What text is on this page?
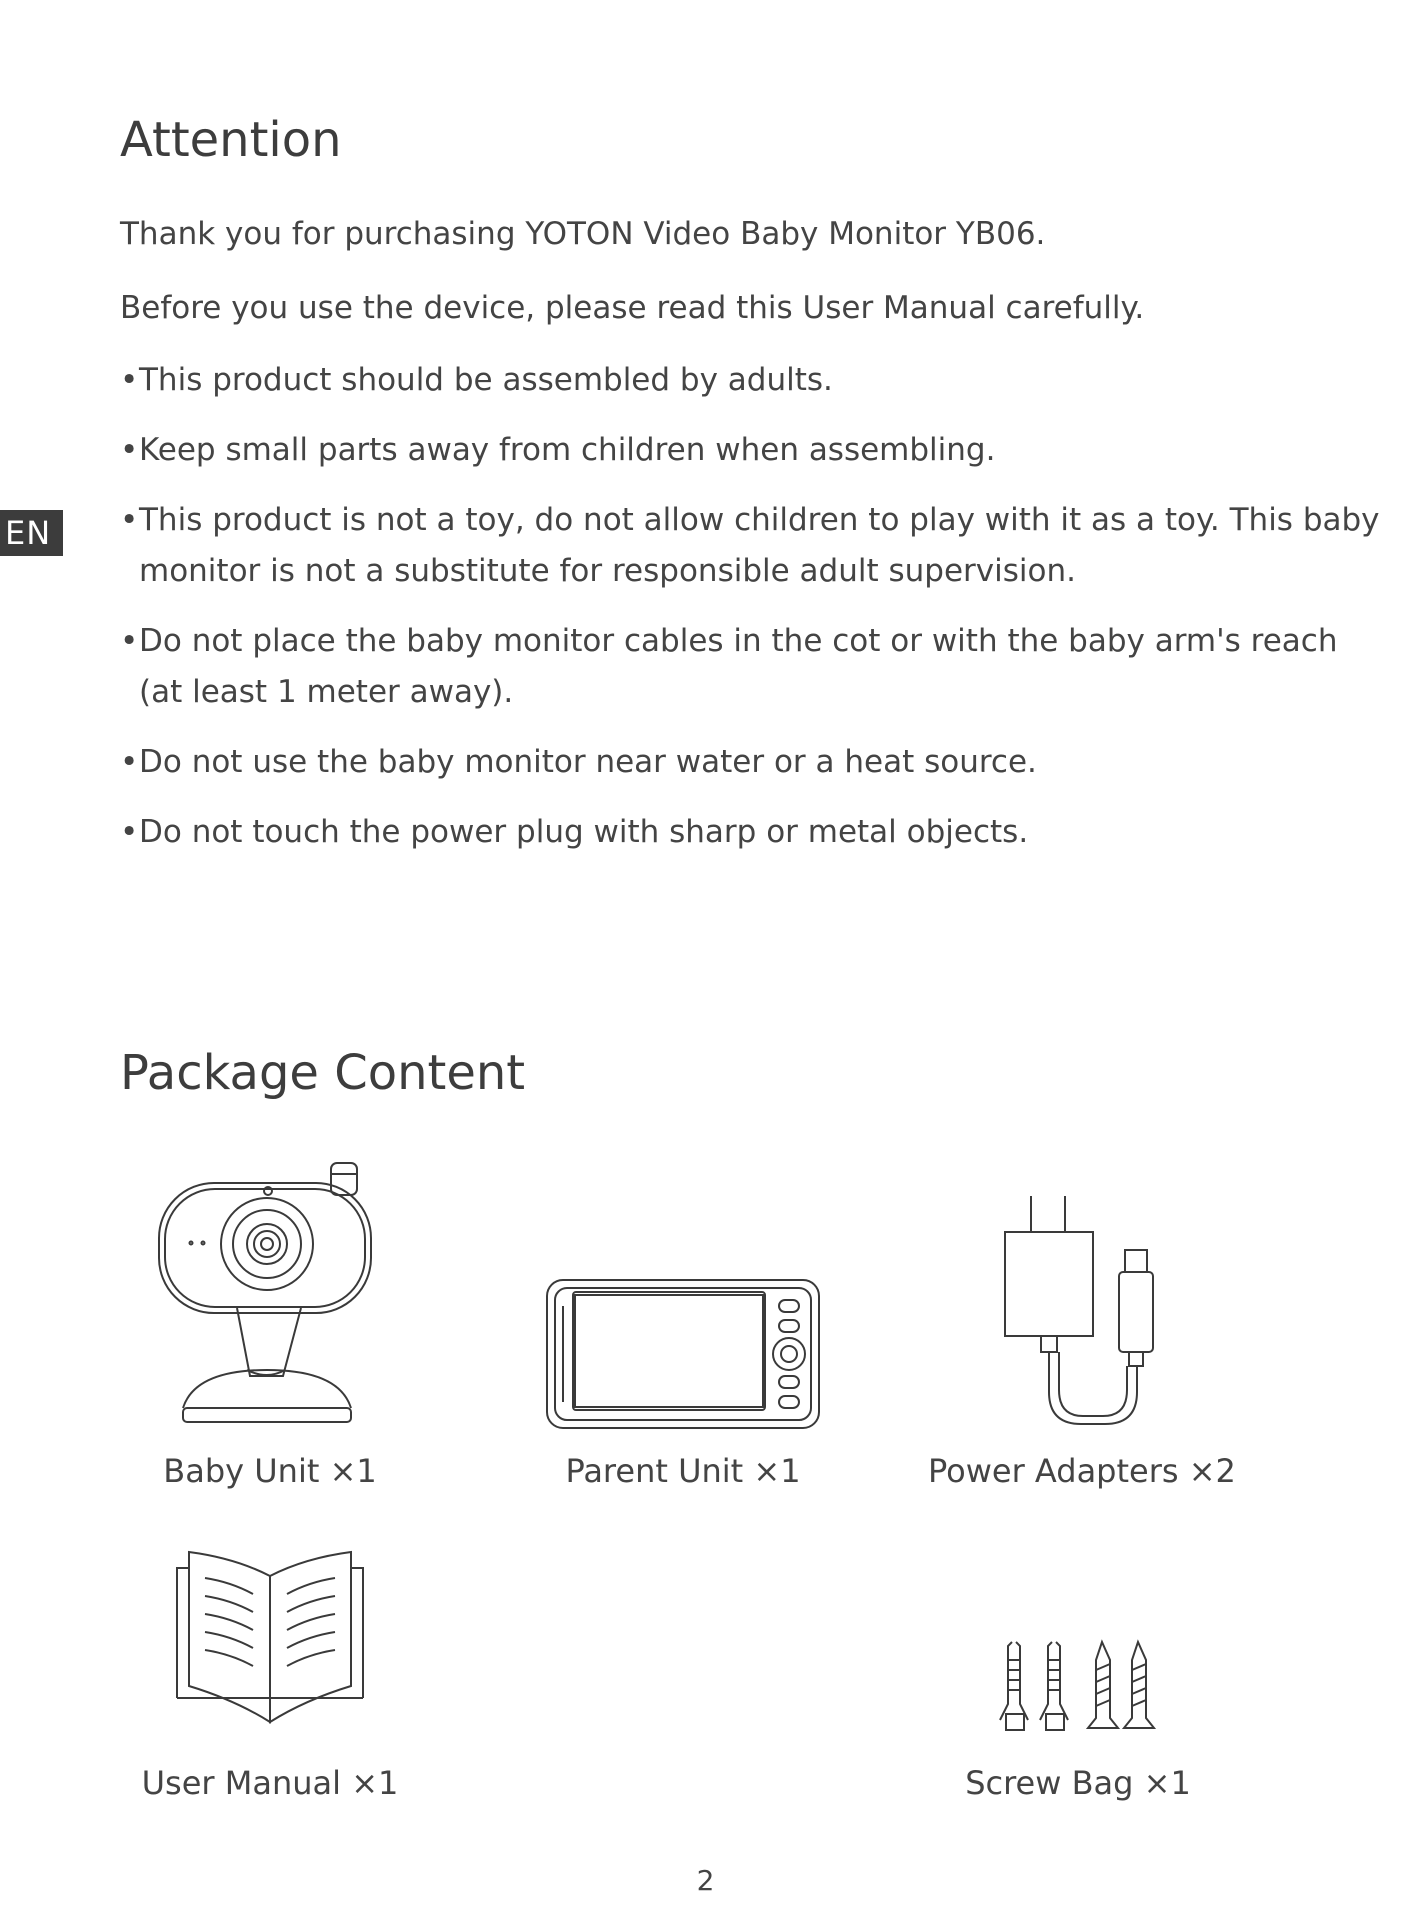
EN
Attention
Thank you for purchasing YOTON Video Baby Monitor YB06.
Before you use the device, please read this User Manual carefully.
• This product should be assembled by adults.
• Keep small parts away from children when assembling.
• This product is not a toy, do not allow children to play with it as a toy. This baby
monitor is not a substitute for responsible adult supervision.
• Do not place the baby monitor cables in the cot or with the baby arm's reach
(at least 1 meter away).
• Do not use the baby monitor near water or a heat source.
• Do not touch the power plug with sharp or metal objects.
Package Content
Baby Unit ×1	Parent Unit ×1	Power Adapters ×2
User Manual ×1	Screw Bag ×1
2
